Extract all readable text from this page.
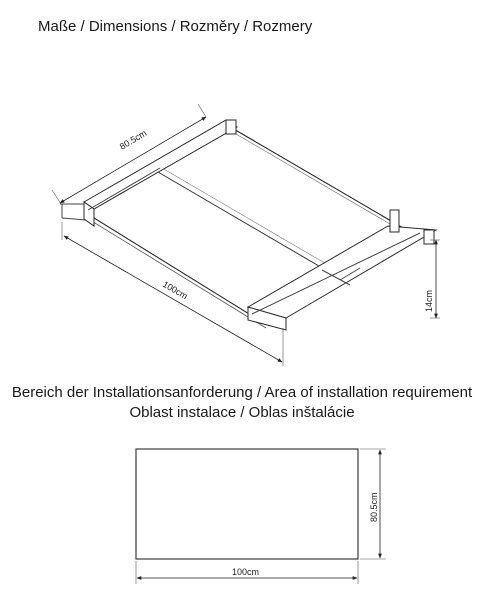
Maße / Dimensions / Rozměry / Rozmery
80.5cm
100cm	14cm
80.5cm
100cm
Bereich der Installationsanforderung / Area of installation requirement
Oblast instalace / Oblas inštalácie
